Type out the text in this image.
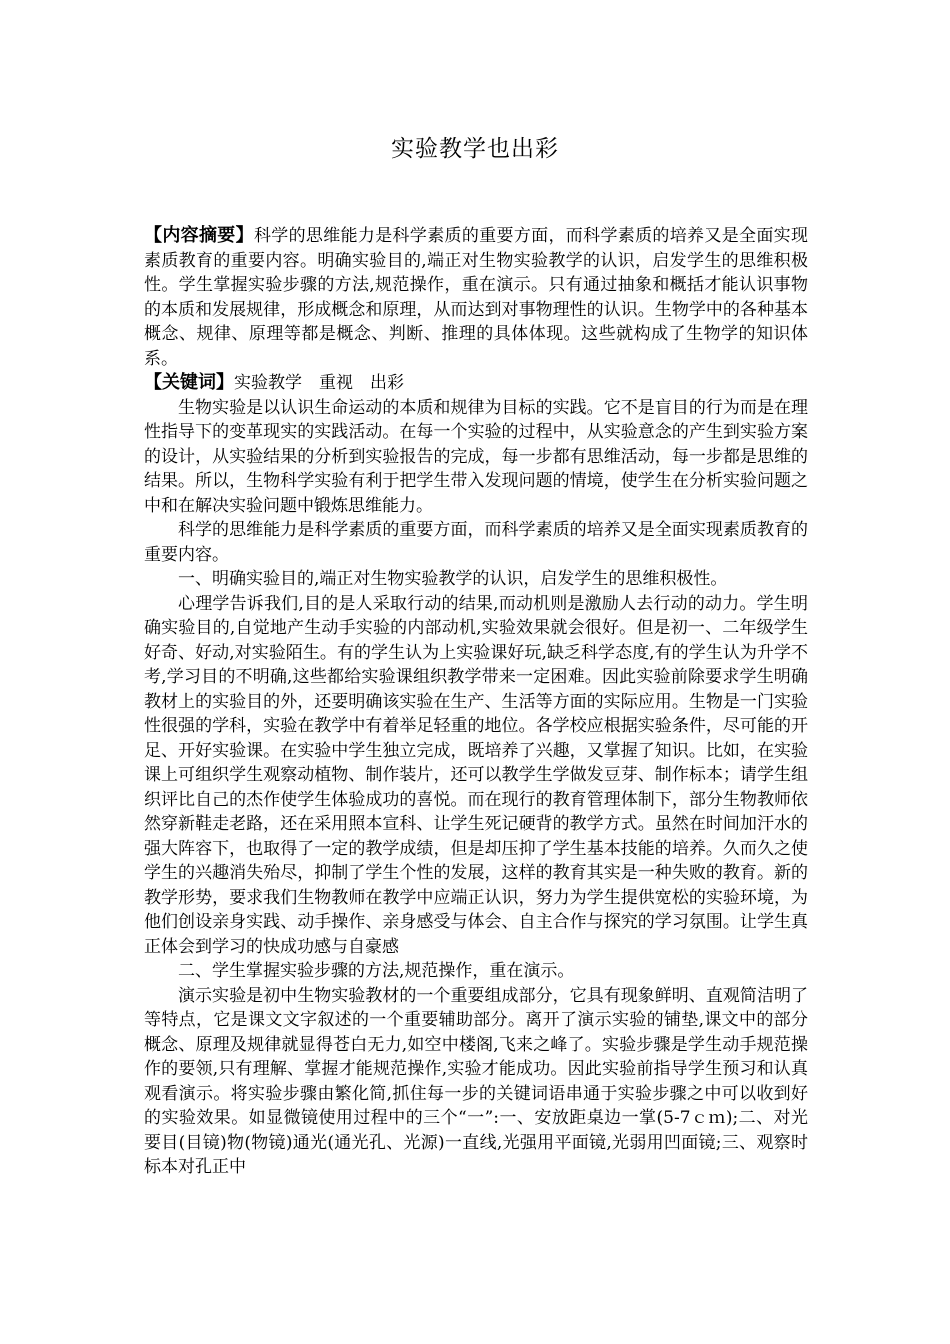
实验教学也出彩

【内容摘要】科学的思维能力是科学素质的重要方面，而科学素质的培养又是全面实现素质教育的重要内容。明确实验目的,端正对生物实验教学的认识，启发学生的思维积极性。学生掌握实验步骤的方法,规范操作，重在演示。只有通过抽象和概括才能认识事物的本质和发展规律，形成概念和原理，从而达到对事物理性的认识。生物学中的各种基本概念、规律、原理等都是概念、判断、推理的具体体现。这些就构成了生物学的知识体系。

【关键词】实验教学 重视 出彩

生物实验是以认识生命运动的本质和规律为目标的实践。它不是盲目的行为而是在理性指导下的变革现实的实践活动。在每一个实验的过程中，从实验意念的产生到实验方案的设计，从实验结果的分析到实验报告的完成，每一步都有思维活动，每一步都是思维的结果。所以，生物科学实验有利于把学生带入发现问题的情境，使学生在分析实验问题之中和在解决实验问题中锻炼思维能力。

科学的思维能力是科学素质的重要方面，而科学素质的培养又是全面实现素质教育的重要内容。

一、明确实验目的,端正对生物实验教学的认识，启发学生的思维积极性。

心理学告诉我们,目的是人采取行动的结果,而动机则是激励人去行动的动力。学生明确实验目的,自觉地产生动手实验的内部动机,实验效果就会很好。但是初一、二年级学生好奇、好动,对实验陌生。有的学生认为上实验课好玩,缺乏科学态度,有的学生认为升学不考,学习目的不明确,这些都给实验课组织教学带来一定困难。因此实验前除要求学生明确教材上的实验目的外，还要明确该实验在生产、生活等方面的实际应用。生物是一门实验性很强的学科，实验在教学中有着举足轻重的地位。各学校应根据实验条件，尽可能的开足、开好实验课。在实验中学生独立完成，既培养了兴趣，又掌握了知识。比如，在实验课上可组织学生观察动植物、制作装片，还可以教学生学做发豆芽、制作标本；请学生组织评比自己的杰作使学生体验成功的喜悦。而在现行的教育管理体制下，部分生物教师依然穿新鞋走老路，还在采用照本宣科、让学生死记硬背的教学方式。虽然在时间加汗水的强大阵容下，也取得了一定的教学成绩，但是却压抑了学生基本技能的培养。久而久之使学生的兴趣消失殆尽，抑制了学生个性的发展，这样的教育其实是一种失败的教育。新的教学形势，要求我们生物教师在教学中应端正认识，努力为学生提供宽松的实验环境，为他们创设亲身实践、动手操作、亲身感受与体会、自主合作与探究的学习氛围。让学生真正体会到学习的快成功感与自豪感

二、学生掌握实验步骤的方法,规范操作，重在演示。

演示实验是初中生物实验教材的一个重要组成部分，它具有现象鲜明、直观简洁明了等特点，它是课文文字叙述的一个重要辅助部分。离开了演示实验的铺垫,课文中的部分概念、原理及规律就显得苍白无力,如空中楼阁,飞来之峰了。实验步骤是学生动手规范操作的要领,只有理解、掌握才能规范操作,实验才能成功。因此实验前指导学生预习和认真观看演示。将实验步骤由繁化简,抓住每一步的关键词语串通于实验步骤之中可以收到好的实验效果。如显微镜使用过程中的三个“一”:一、安放距桌边一掌(5-7ｃｍ);二、对光要目(目镜)物(物镜)通光(通光孔、光源)一直线,光强用平面镜,光弱用凹面镜;三、观察时标本对孔正中
